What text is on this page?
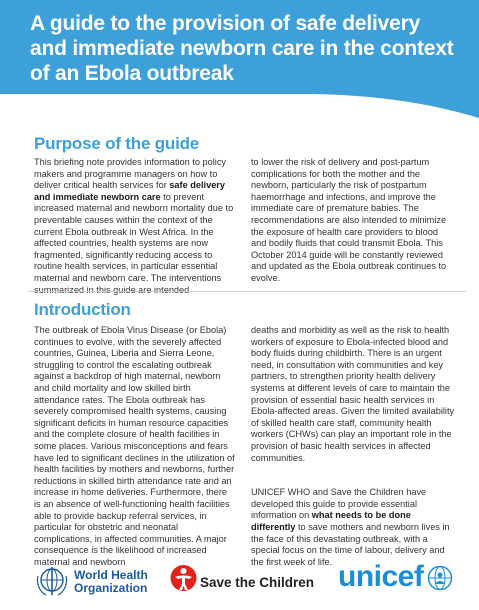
A guide to the provision of safe delivery and immediate newborn care in the context of an Ebola outbreak
Purpose of the guide

This briefing note provides information to policy makers and programme managers on how to deliver critical health services for safe delivery and immediate newborn care to prevent increased maternal and newborn mortality due to preventable causes within the context of the current Ebola outbreak in West Africa. In the affected countries, health systems are now fragmented, significantly reducing access to routine health services, in particular essential maternal and newborn care. The interventions summarized in this guide are intended

to lower the risk of delivery and post-partum complications for both the mother and the newborn, particularly the risk of postpartum haemorrhage and infections, and improve the immediate care of premature babies. The recommendations are also intended to minimize the exposure of health care providers to blood and bodily fluids that could transmit Ebola. This October 2014 guide will be constantly reviewed and updated as the Ebola outbreak continues to evolve.

Introduction

The outbreak of Ebola Virus Disease (or Ebola) continues to evolve, with the severely affected countries, Guinea, Liberia and Sierra Leone, struggling to control the escalating outbreak against a backdrop of high maternal, newborn and child mortality and low skilled birth attendance rates. The Ebola outbreak has severely compromised health systems, causing significant deficits in human resource capacities and the complete closure of health facilities in some places. Various misconceptions and fears have led to significant declines in the utilization of health facilities by mothers and newborns, further reductions in skilled birth attendance rate and an increase in home deliveries. Furthermore, there is an absence of well-functioning health facilities able to provide backup referral services, in particular for obstetric and neonatal complications, in affected communities. A major consequence is the likelihood of increased maternal and newborn

deaths and morbidity as well as the risk to health workers of exposure to Ebola-infected blood and body fluids during childbirth. There is an urgent need, in consultation with communities and key partners, to strengthen priority health delivery systems at different levels of care to maintain the provision of essential basic health services in Ebola-affected areas. Given the limited availability of skilled health care staff, community health workers (CHWs) can play an important role in the provision of basic health services in affected communities.

UNICEF WHO and Save the Children have developed this guide to provide essential information on what needs to be done differently to save mothers and newborn lives in the face of this devastating outbreak, with a special focus on the time of labour, delivery and the first week of life.

World Health
Organization	Save the Children unicef
